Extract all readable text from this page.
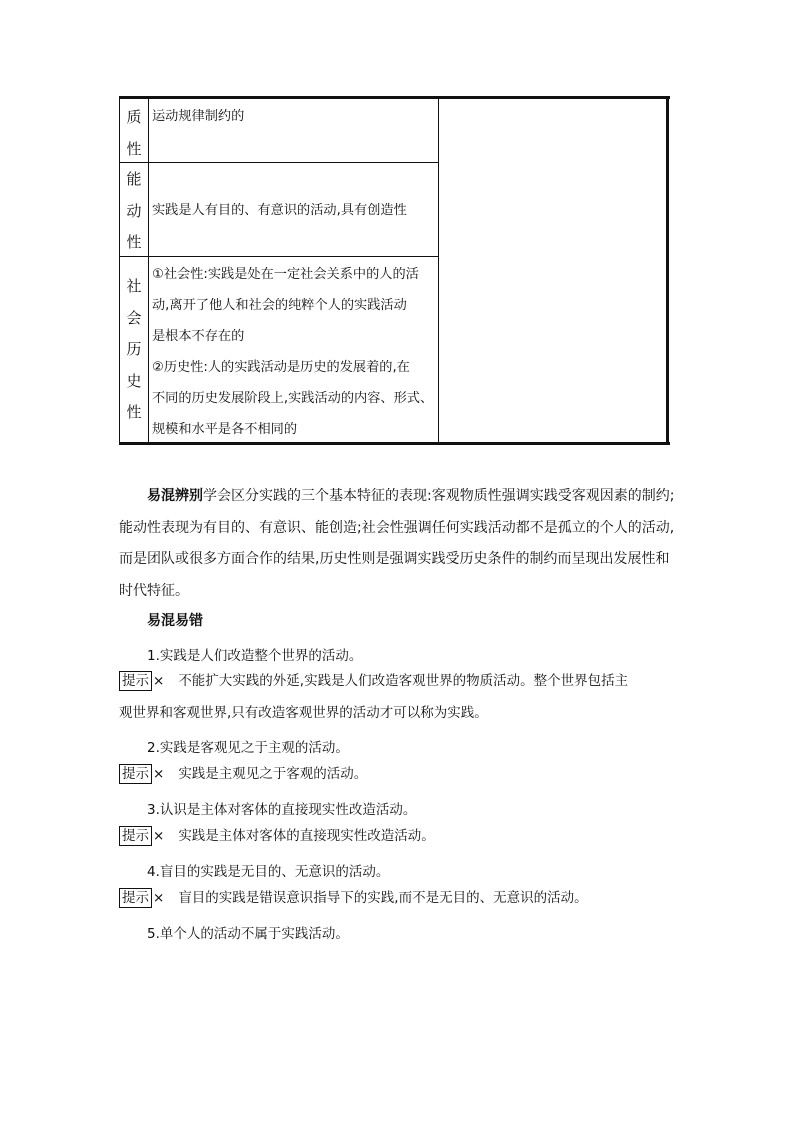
质
性

运动规律制约的

能
动
性

实践是人有目的、有意识的活动,具有创造性

社
会
历
史
性

①社会性:实践是处在一定社会关系中的人的活

动,离开了他人和社会的纯粹个人的实践活动

是根本不存在的

②历史性:人的实践活动是历史的发展着的,在

不同的历史发展阶段上,实践活动的内容、形式、

规模和水平是各不相同的

易混辨别学会区分实践的三个基本特征的表现:客观物质性强调实践受客观因素的制约;

能动性表现为有目的、有意识、能创造;社会性强调任何实践活动都不是孤立的个人的活动,

而是团队或很多方面合作的结果,历史性则是强调实践受历史条件的制约而呈现出发展性和

时代特征。

易混易错
1.实践是人们改造整个世界的活动。

提示 × 不能扩大实践的外延,实践是人们改造客观世界的物质活动。整个世界包括主

观世界和客观世界,只有改造客观世界的活动才可以称为实践。

2.实践是客观见之于主观的活动。

提示 × 实践是主观见之于客观的活动。

3.认识是主体对客体的直接现实性改造活动。

提示 × 实践是主体对客体的直接现实性改造活动。

4.盲目的实践是无目的、无意识的活动。

提示 × 盲目的实践是错误意识指导下的实践,而不是无目的、无意识的活动。

5.单个人的活动不属于实践活动。
